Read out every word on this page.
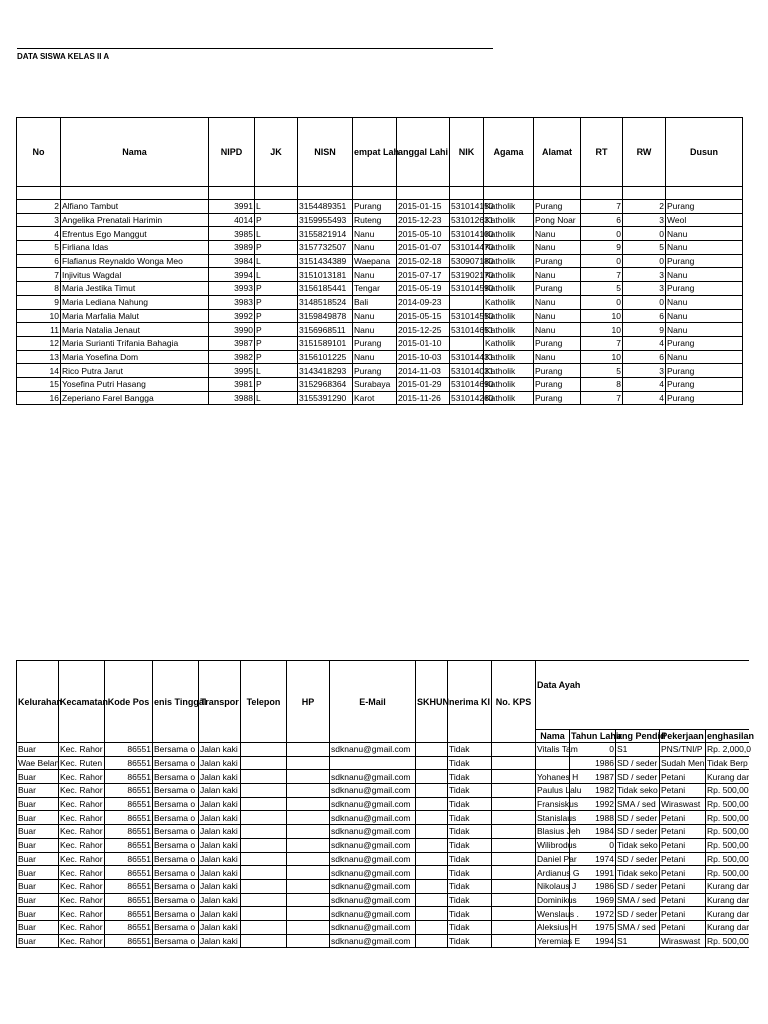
DATA SISWA KELAS II A
No	Nama	NIPD	JK	NISN	empat Lah	anggal Lahi	NIK	Agama	Alamat	RT	RW	Dusun

2	Alfiano Tambut	3991	L	3154489351	Purang	2015-01-15	531014150	Katholik	Purang	7	2	Purang
3	Angelika Prenatali Harimin	4014	P	3159955493	Ruteng	2015-12-23	531012631	Katholik	Pong Noar	6	3	Weol
4	Efrentus Ego Manggut	3985	L	3155821914	Nanu	2015-05-10	531014100	Katholik	Nanu	0	0	Nanu
5	Firliana Idas	3989	P	3157732507	Nanu	2015-01-07	531014470	Katholik	Nanu	9	5	Nanu
6	Flafianus Reynaldo Wonga Meo	3984	L	3151434389	Waepana	2015-02-18	530907180	Katholik	Purang	0	0	Purang
7	Injivitus Wagdal	3994	L	3151013181	Nanu	2015-07-17	531902170	Katholik	Nanu	7	3	Nanu
8	Maria Jestika Timut	3993	P	3156185441	Tengar	2015-05-19	531014590	Katholik	Purang	5	3	Purang
9	Maria Lediana Nahung	3983	P	3148518524	Bali	2014-09-23		Katholik	Nanu	0	0	Nanu
10	Maria Marfalia Malut	3992	P	3159849878	Nanu	2015-05-15	531014550	Katholik	Nanu	10	6	Nanu
11	Maria Natalia Jenaut	3990	P	3156968511	Nanu	2015-12-25	531014651	Katholik	Nanu	10	9	Nanu
12	Maria Surianti Trifania Bahagia	3987	P	3151589101	Purang	2015-01-10		Katholik	Purang	7	4	Purang
13	Maria Yosefina Dom	3982	P	3156101225	Nanu	2015-10-03	531014431	Katholik	Nanu	10	6	Nanu
14	Rico Putra Jarut	3995	L	3143418293	Purang	2014-11-03	531014031	Katholik	Purang	5	3	Purang
15	Yosefina Putri Hasang	3981	P	3152968364	Surabaya	2015-01-29	531014690	Katholik	Purang	8	4	Purang
16	Zeperiano Farel Bangga	3988	L	3155391290	Karot	2015-11-26	531014260	Katholik	Purang	7	4	Purang
Kelurahan	Kecamatan	Kode Pos	enis Tinggal	Transpor	Telepon	HP	E-Mail	SKHUN	nerima KI	No. KPS	Data Ayah				
											Nama	Tahun Lahir	ang Pendid	Pekerjaan	enghasilan
Buar	Kec. Rahor	86551	Bersama o	Jalan kaki			sdknanu@gmail.com		Tidak		Vitalis Tam	0	S1	PNS/TNI/P	Rp. 2,000,0
Wae Belan	Kec. Ruten	86551	Bersama o	Jalan kaki					Tidak			1986	SD / seder	Sudah Men	Tidak Berp
Buar	Kec. Rahor	86551	Bersama o	Jalan kaki			sdknanu@gmail.com		Tidak		Yohanes H	1987	SD / seder	Petani	Kurang dar
Buar	Kec. Rahor	86551	Bersama o	Jalan kaki			sdknanu@gmail.com		Tidak		Paulus Lalu	1982	Tidak seko	Petani	Rp. 500,00
Buar	Kec. Rahor	86551	Bersama o	Jalan kaki			sdknanu@gmail.com		Tidak		Fransiskus	1992	SMA / sed	Wiraswast	Rp. 500,00
Buar	Kec. Rahor	86551	Bersama o	Jalan kaki			sdknanu@gmail.com		Tidak		Stanislaus	1988	SD / seder	Petani	Rp. 500,00
Buar	Kec. Rahor	86551	Bersama o	Jalan kaki			sdknanu@gmail.com		Tidak		Blasius Jeh	1984	SD / seder	Petani	Rp. 500,00
Buar	Kec. Rahor	86551	Bersama o	Jalan kaki			sdknanu@gmail.com		Tidak		Wilibrodus	0	Tidak seko	Petani	Rp. 500,00
Buar	Kec. Rahor	86551	Bersama o	Jalan kaki			sdknanu@gmail.com		Tidak		Daniel Par	1974	SD / seder	Petani	Rp. 500,00
Buar	Kec. Rahor	86551	Bersama o	Jalan kaki			sdknanu@gmail.com		Tidak		Ardianus G	1991	Tidak seko	Petani	Rp. 500,00
Buar	Kec. Rahor	86551	Bersama o	Jalan kaki			sdknanu@gmail.com		Tidak		Nikolaus J	1986	SD / seder	Petani	Kurang dar
Buar	Kec. Rahor	86551	Bersama o	Jalan kaki			sdknanu@gmail.com		Tidak		Dominikus	1969	SMA / sed	Petani	Kurang dar
Buar	Kec. Rahor	86551	Bersama o	Jalan kaki			sdknanu@gmail.com		Tidak		Wenslaus .	1972	SD / seder	Petani	Kurang dar
Buar	Kec. Rahor	86551	Bersama o	Jalan kaki			sdknanu@gmail.com		Tidak		Aleksius H	1975	SMA / sed	Petani	Kurang dar
Buar	Kec. Rahor	86551	Bersama o	Jalan kaki			sdknanu@gmail.com		Tidak		Yeremias E	1994	S1	Wiraswast	Rp. 500,00
